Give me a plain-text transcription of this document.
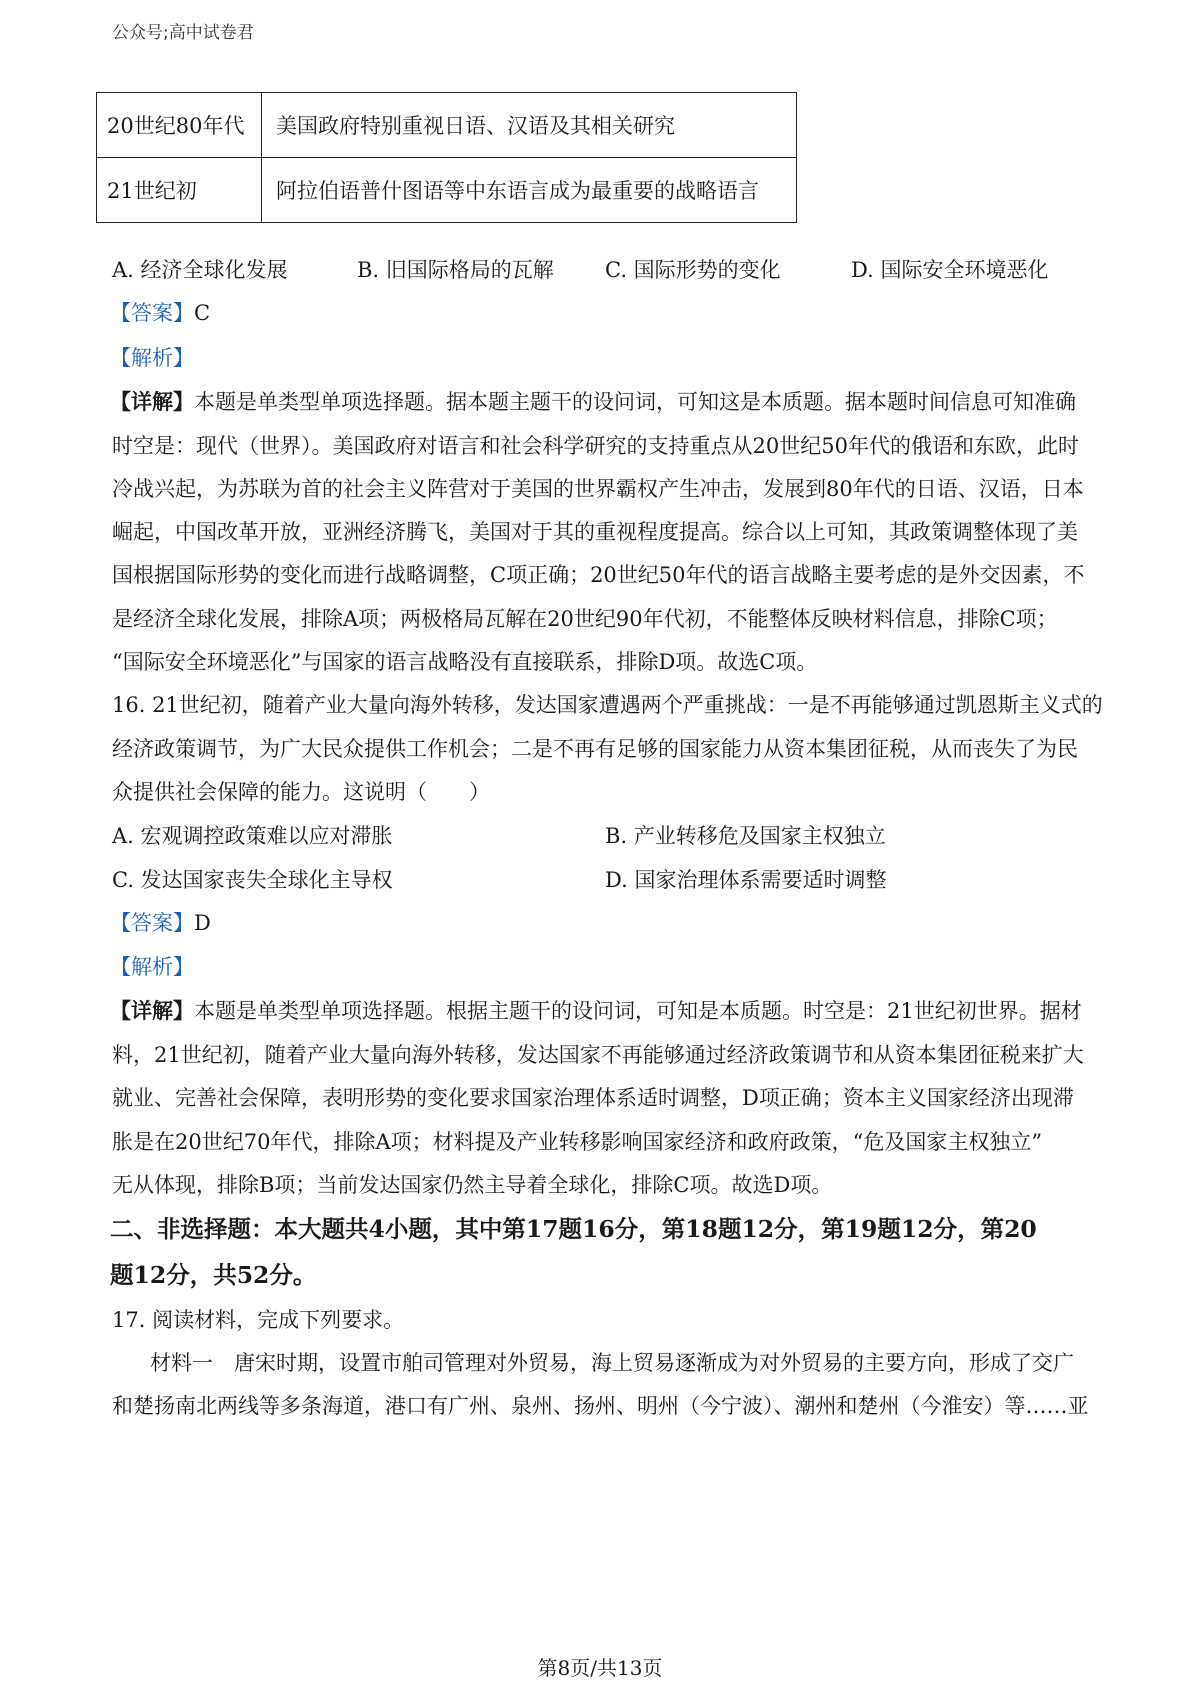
公众号;高中试卷君
20世纪80年代	美国政府特别重视日语、汉语及其相关研究
21世纪初	阿拉伯语普什图语等中东语言成为最重要的战略语言
A. 经济全球化发展	B. 旧国际格局的瓦解 C. 国际形势的变化	D. 国际安全环境恶化
【答案】C
【解析】
【详解】本题是单类型单项选择题。据本题主题干的设问词，可知这是本质题。据本题时间信息可知准确
时空是：现代（世界）。美国政府对语言和社会科学研究的支持重点从20世纪50年代的俄语和东欧，此时
冷战兴起，为苏联为首的社会主义阵营对于美国的世界霸权产生冲击，发展到80年代的日语、汉语，日本
崛起，中国改革开放，亚洲经济腾飞，美国对于其的重视程度提高。综合以上可知，其政策调整体现了美
国根据国际形势的变化而进行战略调整，C项正确；20世纪50年代的语言战略主要考虑的是外交因素，不
是经济全球化发展，排除A项；两极格局瓦解在20世纪90年代初，不能整体反映材料信息，排除C项；
“国际安全环境恶化”与国家的语言战略没有直接联系，排除D项。故选C项。
16. 21世纪初，随着产业大量向海外转移，发达国家遭遇两个严重挑战：一是不再能够通过凯恩斯主义式的
经济政策调节，为广大民众提供工作机会；二是不再有足够的国家能力从资本集团征税，从而丧失了为民
众提供社会保障的能力。这说明（　　）
A. 宏观调控政策难以应对滞胀	B. 产业转移危及国家主权独立
C. 发达国家丧失全球化主导权	D. 国家治理体系需要适时调整
【答案】D
【解析】
【详解】本题是单类型单项选择题。根据主题干的设问词，可知是本质题。时空是：21世纪初世界。据材
料，21世纪初，随着产业大量向海外转移，发达国家不再能够通过经济政策调节和从资本集团征税来扩大
就业、完善社会保障，表明形势的变化要求国家治理体系适时调整，D项正确；资本主义国家经济出现滞
胀是在20世纪70年代，排除A项；材料提及产业转移影响国家经济和政府政策，“危及国家主权独立”
无从体现，排除B项；当前发达国家仍然主导着全球化，排除C项。故选D项。
二、非选择题：本大题共4小题，其中第17题16分，第18题12分，第19题12分，第20
题12分，共52分。
17. 阅读材料，完成下列要求。
材料一　唐宋时期，设置市舶司管理对外贸易，海上贸易逐渐成为对外贸易的主要方向，形成了交广
和楚扬南北两线等多条海道，港口有广州、泉州、扬州、明州（今宁波）、潮州和楚州（今淮安）等……亚
第8页/共13页
